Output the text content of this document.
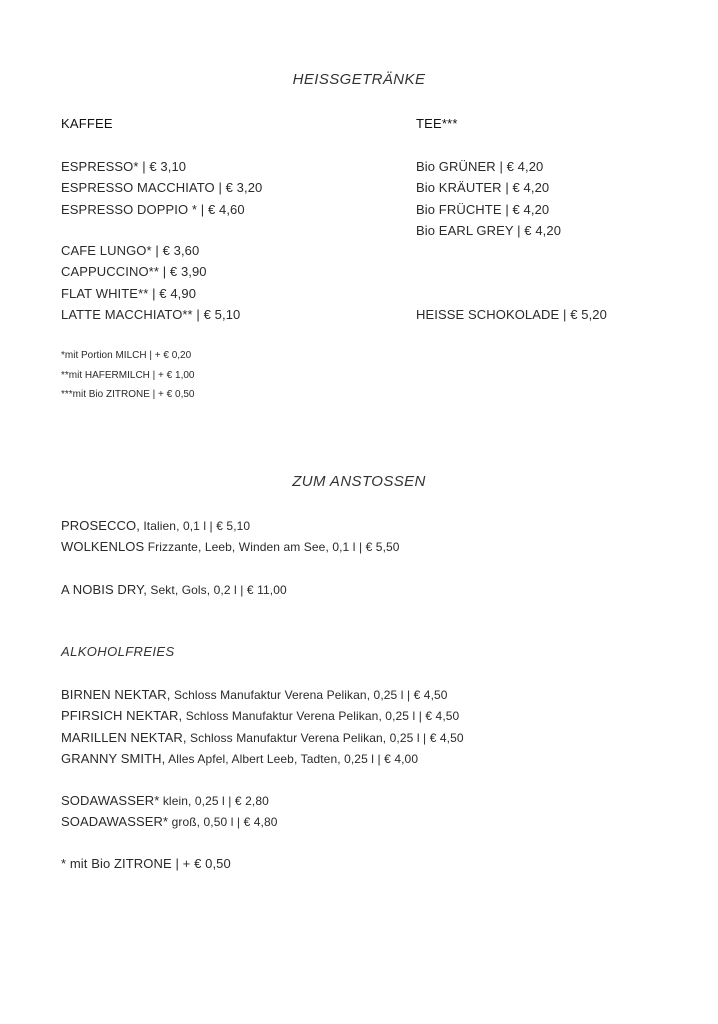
HEISSGETRÄNKE
KAFFEE	TEE***
ESPRESSO* | € 3,10
ESPRESSO MACCHIATO | € 3,20
ESPRESSO DOPPIO * | € 4,60
CAFE LUNGO* | € 3,60
CAPPUCCINO** | € 3,90
FLAT WHITE** | € 4,90
LATTE MACCHIATO** | € 5,10
Bio GRÜNER | € 4,20
Bio KRÄUTER | € 4,20
Bio FRÜCHTE | € 4,20
Bio EARL GREY | € 4,20
HEISSE SCHOKOLADE | € 5,20
*mit Portion MILCH | + € 0,20
**mit HAFERMILCH | + € 1,00
***mit Bio ZITRONE | + € 0,50
ZUM ANSTOSSEN
PROSECCO, Italien, 0,1 l | € 5,10
WOLKENLOS Frizzante, Leeb, Winden am See, 0,1 l | € 5,50
A NOBIS DRY, Sekt, Gols, 0,2 l | € 11,00
ALKOHOLFREIES
BIRNEN NEKTAR, Schloss Manufaktur Verena Pelikan, 0,25 l | € 4,50
PFIRSICH NEKTAR, Schloss Manufaktur Verena Pelikan, 0,25 l | € 4,50
MARILLEN NEKTAR, Schloss Manufaktur Verena Pelikan, 0,25 l | € 4,50
GRANNY SMITH, Alles Apfel, Albert Leeb, Tadten, 0,25 l | € 4,00
SODAWASSER* klein, 0,25 l | € 2,80
SOADAWASSER* groß, 0,50 l | € 4,80
* mit Bio ZITRONE | + € 0,50
